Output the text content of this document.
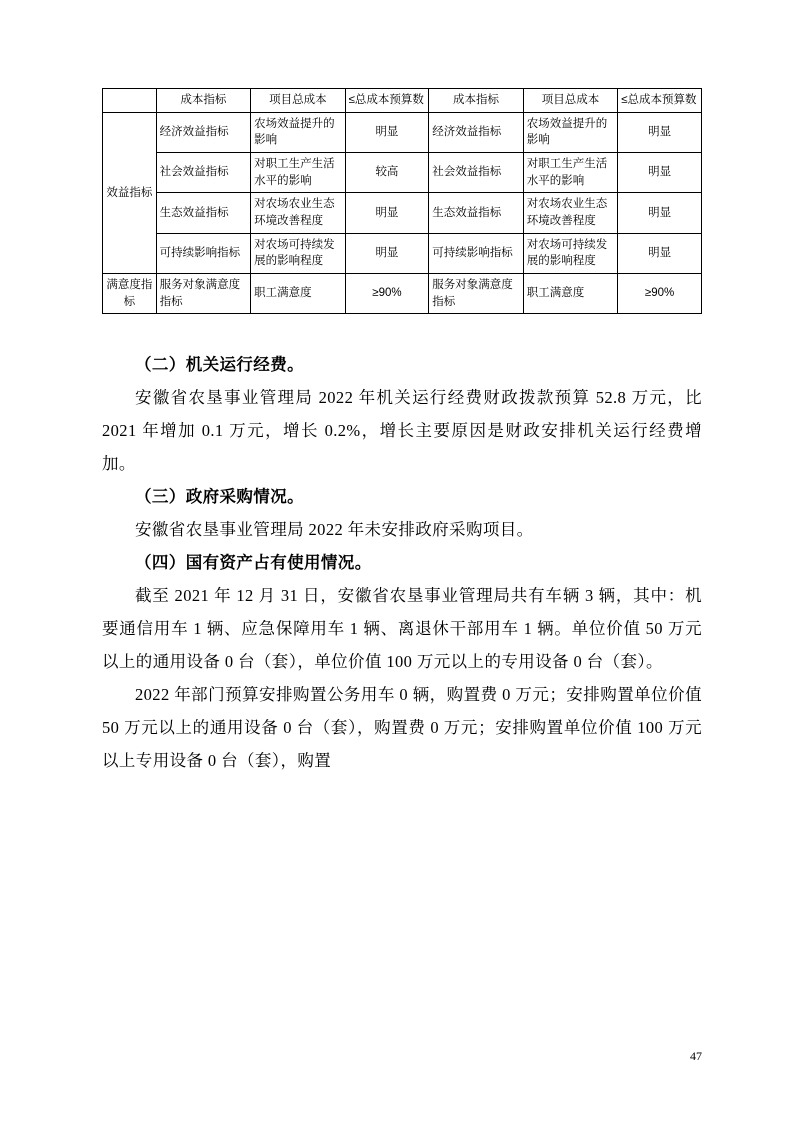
	成本指标	项目总成本	≤总成本预算数	成本指标	项目总成本	≤总成本预算数
效益指标	经济效益指标	农场效益提升的影响	明显	经济效益指标	农场效益提升的影响	明显
	社会效益指标	对职工生产生活水平的影响	较高	社会效益指标	对职工生产生活水平的影响	明显
	生态效益指标	对农场农业生态环境改善程度	明显	生态效益指标	对农场农业生态环境改善程度	明显
	可持续影响指标	对农场可持续发展的影响程度	明显	可持续影响指标	对农场可持续发展的影响程度	明显
满意度指标	服务对象满意度指标	职工满意度	≥90%	服务对象满意度指标	职工满意度	≥90%

（二）机关运行经费。

安徽省农垦事业管理局 2022 年机关运行经费财政拨款预算 52.8 万元，比 2021 年增加 0.1 万元，增长 0.2%，增长主要原因是财政安排机关运行经费增加。

（三）政府采购情况。

安徽省农垦事业管理局 2022 年未安排政府采购项目。

（四）国有资产占有使用情况。

截至 2021 年 12 月 31 日，安徽省农垦事业管理局共有车辆 3 辆，其中：机要通信用车 1 辆、应急保障用车 1 辆、离退休干部用车 1 辆。单位价值 50 万元以上的通用设备 0 台（套），单位价值 100 万元以上的专用设备 0 台（套）。

2022 年部门预算安排购置公务用车 0 辆，购置费 0 万元；安排购置单位价值 50 万元以上的通用设备 0 台（套），购置费 0 万元；安排购置单位价值 100 万元以上专用设备 0 台（套），购置

47
